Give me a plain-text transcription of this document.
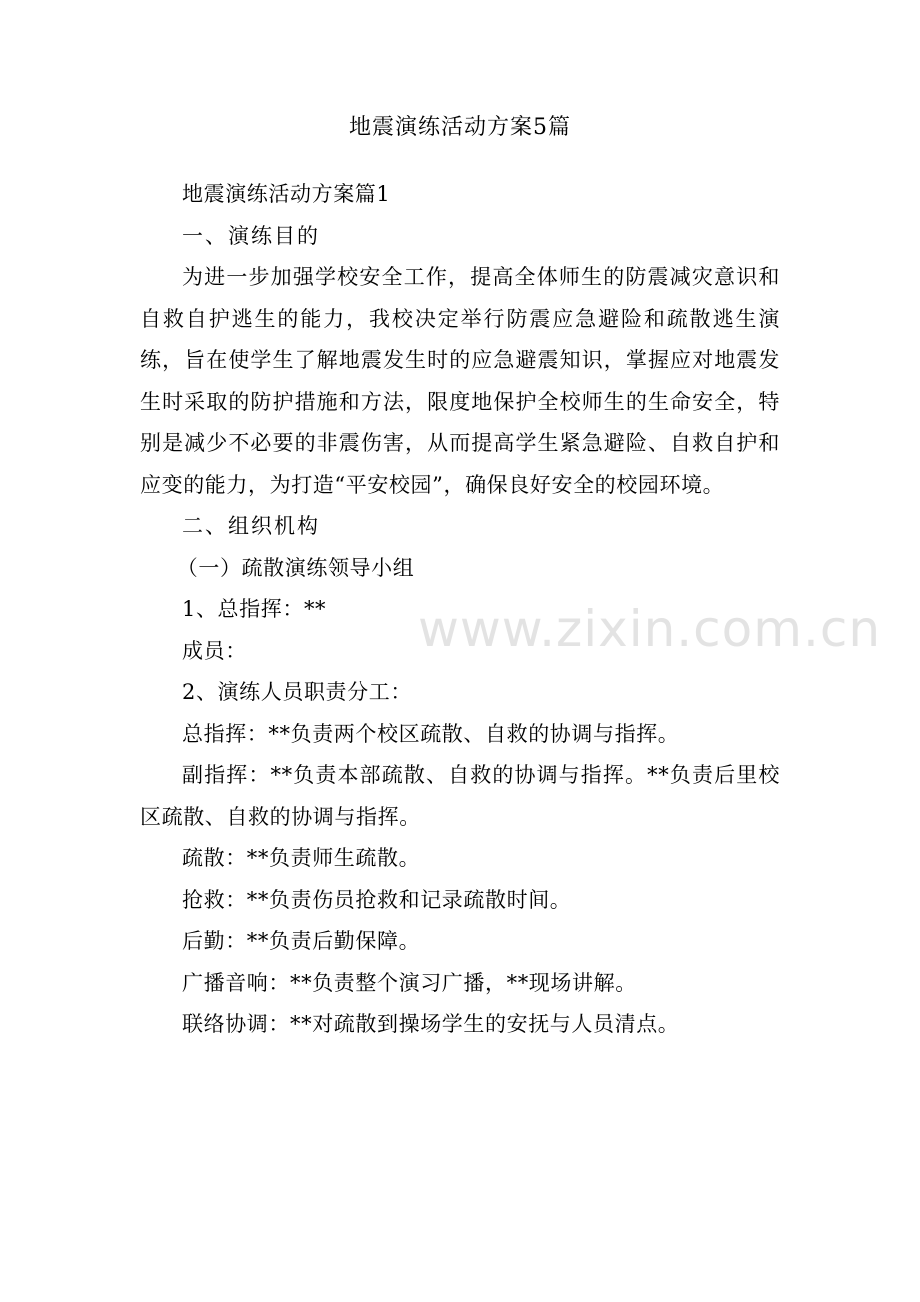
www.zixin.com.cn
地震演练活动方案5篇

地震演练活动方案篇1

一、演练目的

为进一步加强学校安全工作，提高全体师生的防震减灾意识和自救自护逃生的能力，我校决定举行防震应急避险和疏散逃生演练，旨在使学生了解地震发生时的应急避震知识，掌握应对地震发生时采取的防护措施和方法，限度地保护全校师生的生命安全，特别是减少不必要的非震伤害，从而提高学生紧急避险、自救自护和应变的能力，为打造“平安校园”，确保良好安全的校园环境。

二、组织机构

（一）疏散演练领导小组

1、总指挥：**

成员：

2、演练人员职责分工：

总指挥：**负责两个校区疏散、自救的协调与指挥。

副指挥：**负责本部疏散、自救的协调与指挥。**负责后里校区疏散、自救的协调与指挥。

疏散：**负责师生疏散。

抢救：**负责伤员抢救和记录疏散时间。

后勤：**负责后勤保障。

广播音响：**负责整个演习广播，**现场讲解。

联络协调：**对疏散到操场学生的安抚与人员清点。
